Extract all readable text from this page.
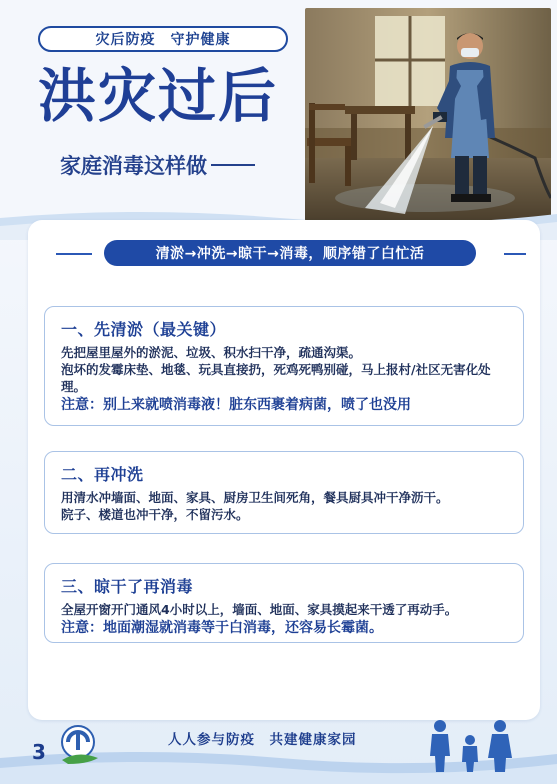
灾后防疫　守护健康
洪灾过后
家庭消毒这样做
清淤→冲洗→晾干→消毒，顺序错了白忙活
一、先清淤（最关键）

先把屋里屋外的淤泥、垃圾、积水扫干净，疏通沟渠。

泡坏的发霉床垫、地毯、玩具直接扔，死鸡死鸭别碰，马上报村/社区无害化处理。

注意：别上来就喷消毒液！脏东西裹着病菌，喷了也没用

二、再冲洗

用清水冲墙面、地面、家具、厨房卫生间死角，餐具厨具冲干净沥干。

院子、楼道也冲干净，不留污水。

三、晾干了再消毒

全屋开窗开门通风4小时以上，墙面、地面、家具摸起来干透了再动手。

注意：地面潮湿就消毒等于白消毒，还容易长霉菌。

3	人人参与防疫　共建健康家园
